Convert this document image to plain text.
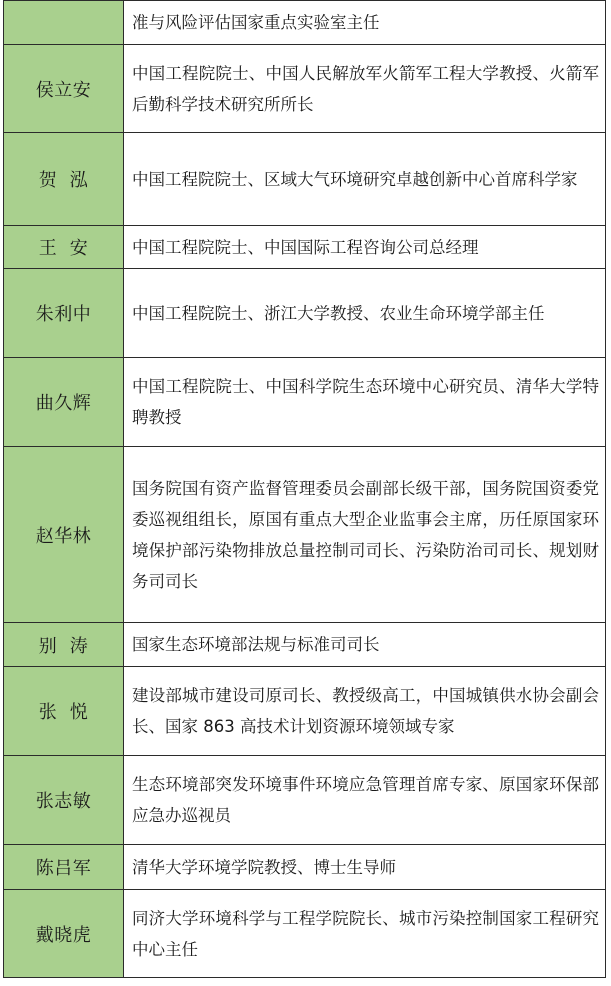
	准与风险评估国家重点实验室主任
侯立安	中国工程院院士、中国人民解放军火箭军工程大学教授、火箭军后勤科学技术研究所所长
贺  泓	中国工程院院士、区域大气环境研究卓越创新中心首席科学家
王  安	中国工程院院士、中国国际工程咨询公司总经理
朱利中	中国工程院院士、浙江大学教授、农业生命环境学部主任
曲久辉	中国工程院院士、中国科学院生态环境中心研究员、清华大学特聘教授
赵华林	国务院国有资产监督管理委员会副部长级干部，国务院国资委党委巡视组组长，原国有重点大型企业监事会主席，历任原国家环境保护部污染物排放总量控制司司长、污染防治司司长、规划财务司司长
别  涛	国家生态环境部法规与标准司司长
张  悦	建设部城市建设司原司长、教授级高工，中国城镇供水协会副会长、国家 863 高技术计划资源环境领域专家
张志敏	生态环境部突发环境事件环境应急管理首席专家、原国家环保部应急办巡视员
陈吕军	清华大学环境学院教授、博士生导师
戴晓虎	同济大学环境科学与工程学院院长、城市污染控制国家工程研究中心主任
